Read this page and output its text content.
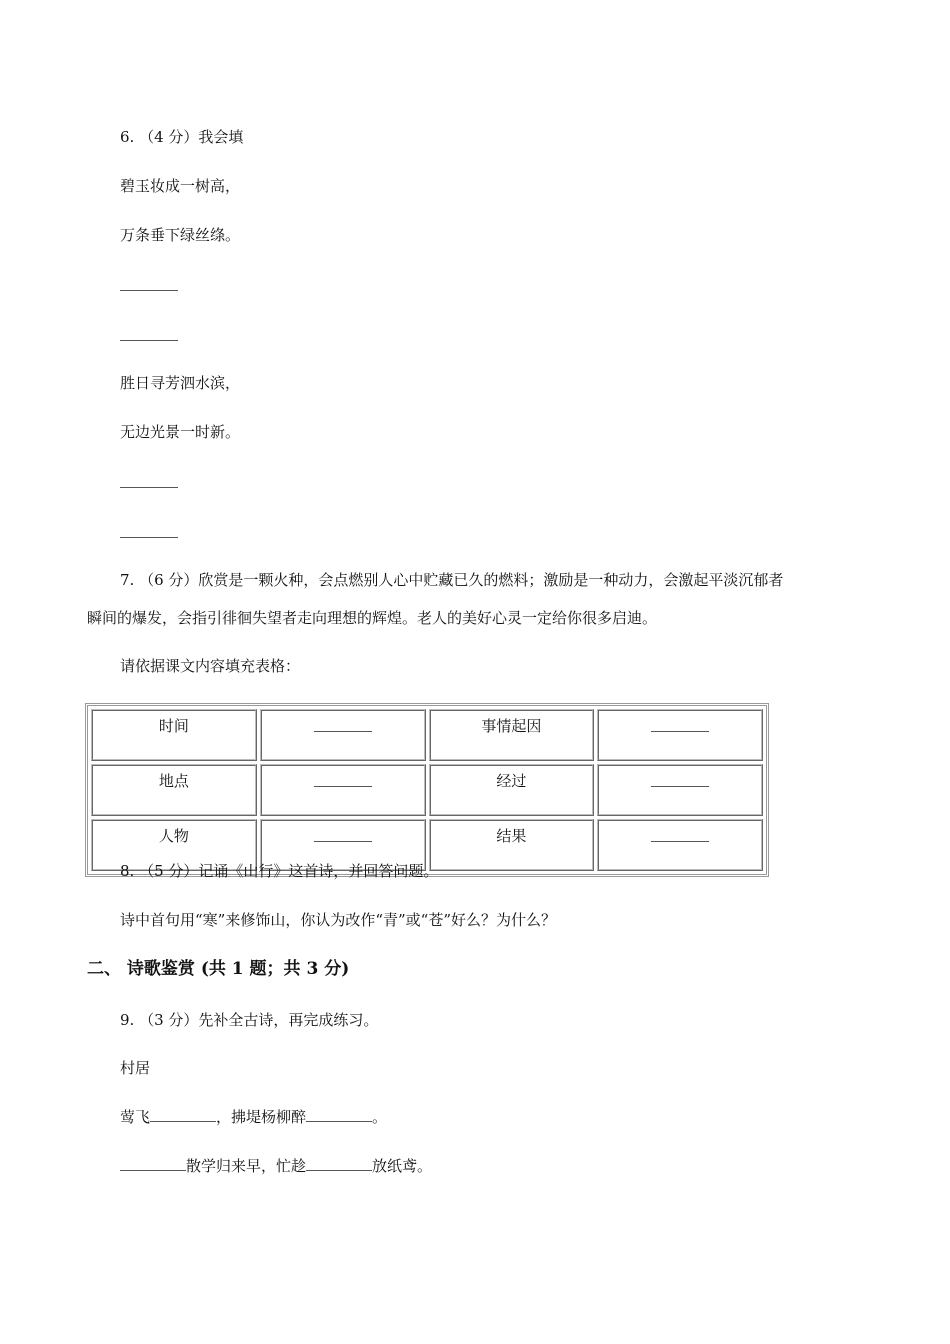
6. （4 分）我会填
碧玉妆成一树高，
万条垂下绿丝绦。
胜日寻芳泗水滨，
无边光景一时新。
7. （6 分）欣赏是一颗火种，会点燃别人心中贮藏已久的燃料；激励是一种动力，会激起平淡沉郁者
瞬间的爆发，会指引徘徊失望者走向理想的辉煌。老人的美好心灵一定给你很多启迪。
请依据课文内容填充表格：
时间		事情起因	
地点		经过	
人物		结果	
8. （5 分）记诵《山行》这首诗，并回答问题。
诗中首句用“寒”来修饰山，你认为改作“青”或“苍”好么？为什么？
二、 诗歌鉴赏 (共 1 题；共 3 分)
9. （3 分）先补全古诗，再完成练习。
村居
莺飞	，拂堤杨柳醉	。
散学归来早，忙趁	放纸鸢。
